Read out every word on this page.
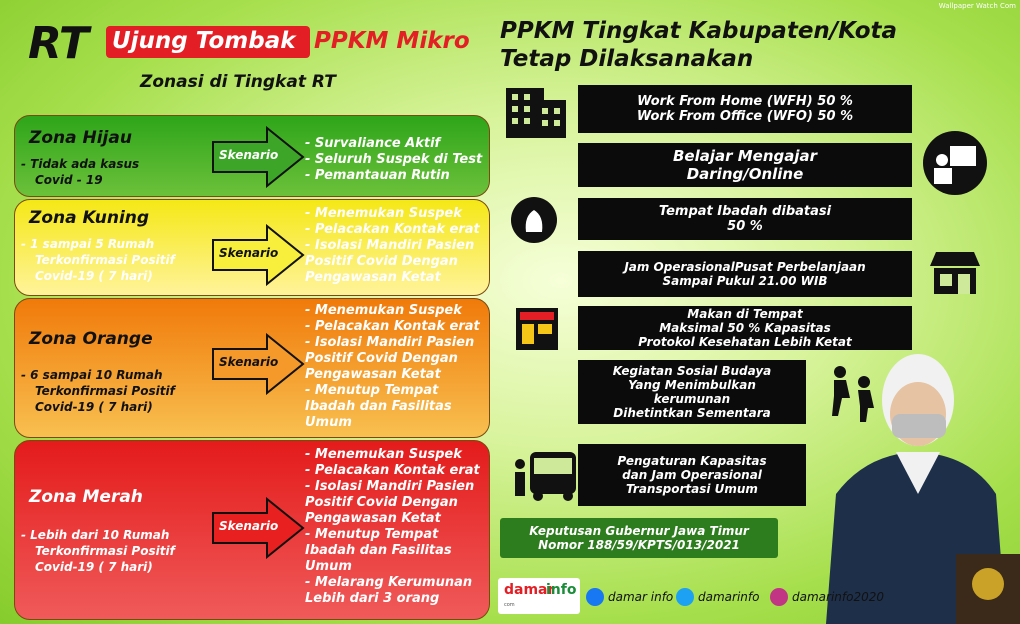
RT Ujung Tombak PPKM Mikro
Zonasi di Tingkat RT
PPKM Tingkat Kabupaten/Kota
Tetap Dilaksanakan
Zona Hijau
- Tidak ada kasus
Covid - 19
Skenario
- Survaliance Aktif
- Seluruh Suspek di Test
- Pemantauan Rutin
Zona Kuning
- 1 sampai 5 Rumah
Terkonfirmasi Positif
Covid-19 ( 7 hari)
Skenario
- Menemukan Suspek
- Pelacakan Kontak erat
- Isolasi Mandiri Pasien
Positif Covid Dengan
Pengawasan Ketat
Zona Orange
- 6 sampai 10 Rumah
Terkonfirmasi Positif
Covid-19 ( 7 hari)
Skenario
- Menemukan Suspek
- Pelacakan Kontak erat
- Isolasi Mandiri Pasien
Positif Covid Dengan
Pengawasan Ketat
- Menutup Tempat
Ibadah dan Fasilitas
Umum
Zona Merah
- Lebih dari 10 Rumah
Terkonfirmasi Positif
Covid-19 ( 7 hari)
Skenario
- Menemukan Suspek
- Pelacakan Kontak erat
- Isolasi Mandiri Pasien
Positif Covid Dengan
Pengawasan Ketat
- Menutup Tempat
Ibadah dan Fasilitas
Umum
- Melarang Kerumunan
Lebih dari 3 orang
Work From Home (WFH) 50 %
Work From Office (WFO) 50 %
Belajar Mengajar
Daring/Online
Tempat Ibadah dibatasi
50 %
Jam OperasionalPusat Perbelanjaan
Sampai Pukul 21.00 WIB
Makan di Tempat
Maksimal 50 % Kapasitas
Protokol Kesehatan Lebih Ketat
Kegiatan Sosial Budaya
Yang Menimbulkan
kerumunan
Dihetintkan Sementara
Pengaturan Kapasitas
dan Jam Operasional
Transportasi Umum
Keputusan Gubernur Jawa Timur
Nomor 188/59/KPTS/013/2021
damar
info
com
damar info damarinfo	damarinfo2020
Wallpaper Watch Com
